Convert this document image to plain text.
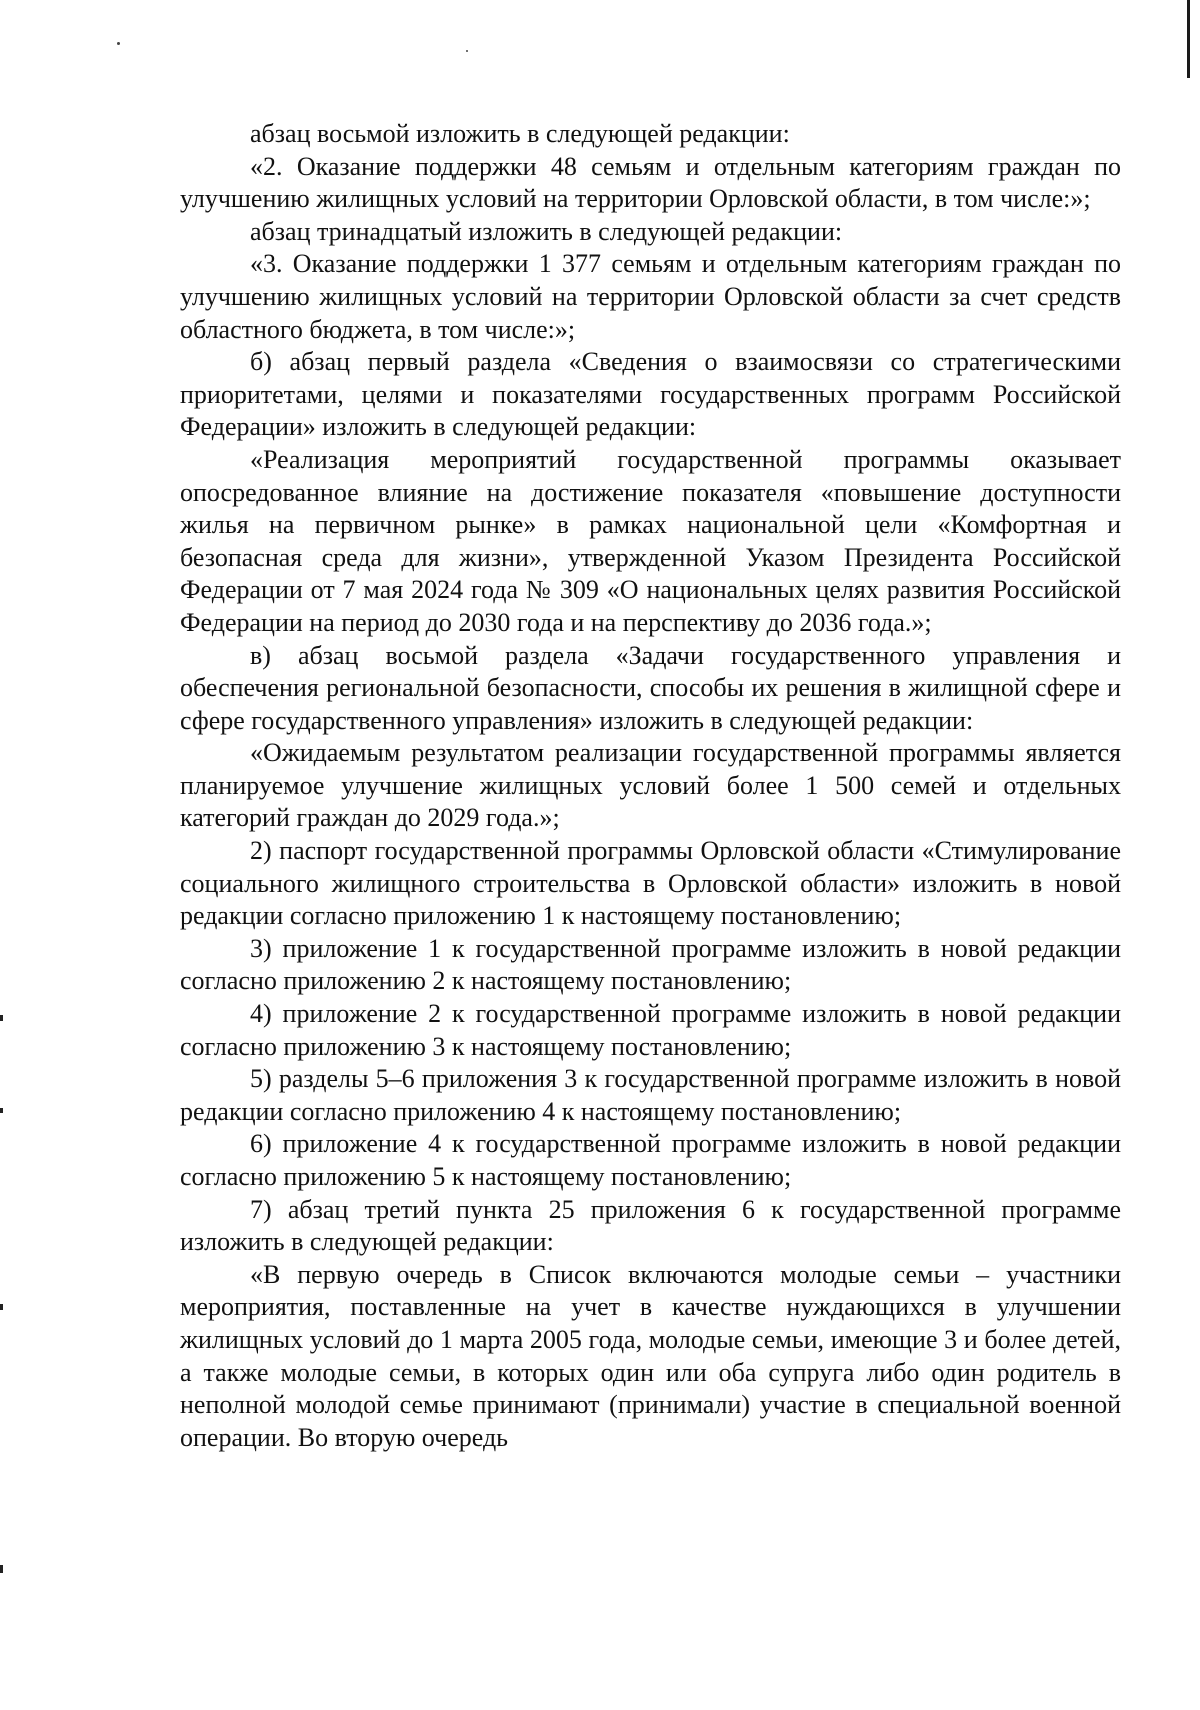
абзац восьмой изложить в следующей редакции:

«2. Оказание поддержки 48 семьям и отдельным категориям граждан по улучшению жилищных условий на территории Орловской области, в том числе:»;

абзац тринадцатый изложить в следующей редакции:

«3. Оказание поддержки 1 377 семьям и отдельным категориям граждан по улучшению жилищных условий на территории Орловской области за счет средств областного бюджета, в том числе:»;

б) абзац первый раздела «Сведения о взаимосвязи со стратегическими приоритетами, целями и показателями государственных программ Российской Федерации» изложить в следующей редакции:

«Реализация мероприятий государственной программы оказывает опосредованное влияние на достижение показателя «повышение доступности жилья на первичном рынке» в рамках национальной цели «Комфортная и безопасная среда для жизни», утвержденной Указом Президента Российской Федерации от 7 мая 2024 года № 309 «О национальных целях развития Российской Федерации на период до 2030 года и на перспективу до 2036 года.»;

в) абзац восьмой раздела «Задачи государственного управления и обеспечения региональной безопасности, способы их решения в жилищной сфере и сфере государственного управления» изложить в следующей редакции:

«Ожидаемым результатом реализации государственной программы является планируемое улучшение жилищных условий более 1 500 семей и отдельных категорий граждан до 2029 года.»;

2) паспорт государственной программы Орловской области «Стимулирование социального жилищного строительства в Орловской области» изложить в новой редакции согласно приложению 1 к настоящему постановлению;

3) приложение 1 к государственной программе изложить в новой редакции согласно приложению 2 к настоящему постановлению;

4) приложение 2 к государственной программе изложить в новой редакции согласно приложению 3 к настоящему постановлению;

5) разделы 5–6 приложения 3 к государственной программе изложить в новой редакции согласно приложению 4 к настоящему постановлению;

6) приложение 4 к государственной программе изложить в новой редакции согласно приложению 5 к настоящему постановлению;

7) абзац третий пункта 25 приложения 6 к государственной программе изложить в следующей редакции:

«В первую очередь в Список включаются молодые семьи – участники мероприятия, поставленные на учет в качестве нуждающихся в улучшении жилищных условий до 1 марта 2005 года, молодые семьи, имеющие 3 и более детей, а также молодые семьи, в которых один или оба супруга либо один родитель в неполной молодой семье принимают (принимали) участие в специальной военной операции. Во вторую очередь
